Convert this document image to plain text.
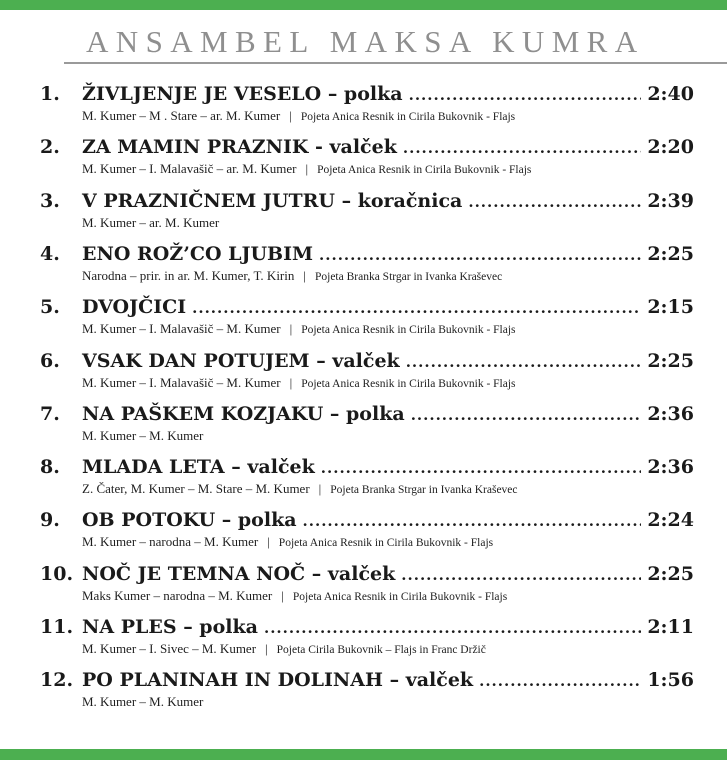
ANSAMBEL MAKSA KUMRA
1. ŽIVLJENJE JE VESELO – polka .....	2:40
M. Kumer – M . Stare – ar. M. Kumer | Pojeta Anica Resnik in Cirila Bukovnik - Flajs
2. ZA MAMIN PRAZNIK - valček .....	2:20
M. Kumer – I. Malavašič – ar. M. Kumer | Pojeta Anica Resnik in Cirila Bukovnik - Flajs
3. V PRAZNIČNEM JUTRU – koračnica .....	2:39
M. Kumer – ar. M. Kumer
4. ENO ROŽ’CO LJUBIM .....	2:25
Narodna – prir. in ar. M. Kumer, T. Kirin | Pojeta Branka Strgar in Ivanka Kraševec
5. DVOJČICI .....	2:15
M. Kumer – I. Malavašič – M. Kumer | Pojeta Anica Resnik in Cirila Bukovnik - Flajs
6. VSAK DAN POTUJEM – valček .....	2:25
M. Kumer – I. Malavašič – M. Kumer | Pojeta Anica Resnik in Cirila Bukovnik - Flajs
7. NA PAŠKEM KOZJAKU – polka .....	2:36
M. Kumer – M. Kumer
8. MLADA LETA – valček .....	2:36
Z. Čater, M. Kumer – M. Stare – M. Kumer | Pojeta Branka Strgar in Ivanka Kraševec
9. OB POTOKU – polka .....	2:24
M. Kumer – narodna – M. Kumer | Pojeta Anica Resnik in Cirila Bukovnik - Flajs
10. NOČ JE TEMNA NOČ – valček .....	2:25
Maks Kumer – narodna – M. Kumer | Pojeta Anica Resnik in Cirila Bukovnik - Flajs
11. NA PLES – polka .....	2:11
M. Kumer – I. Sivec – M. Kumer | Pojeta Cirila Bukovnik – Flajs in Franc Držič
12. PO PLANINAH IN DOLINAH – valček .....	1:56
M. Kumer – M. Kumer
